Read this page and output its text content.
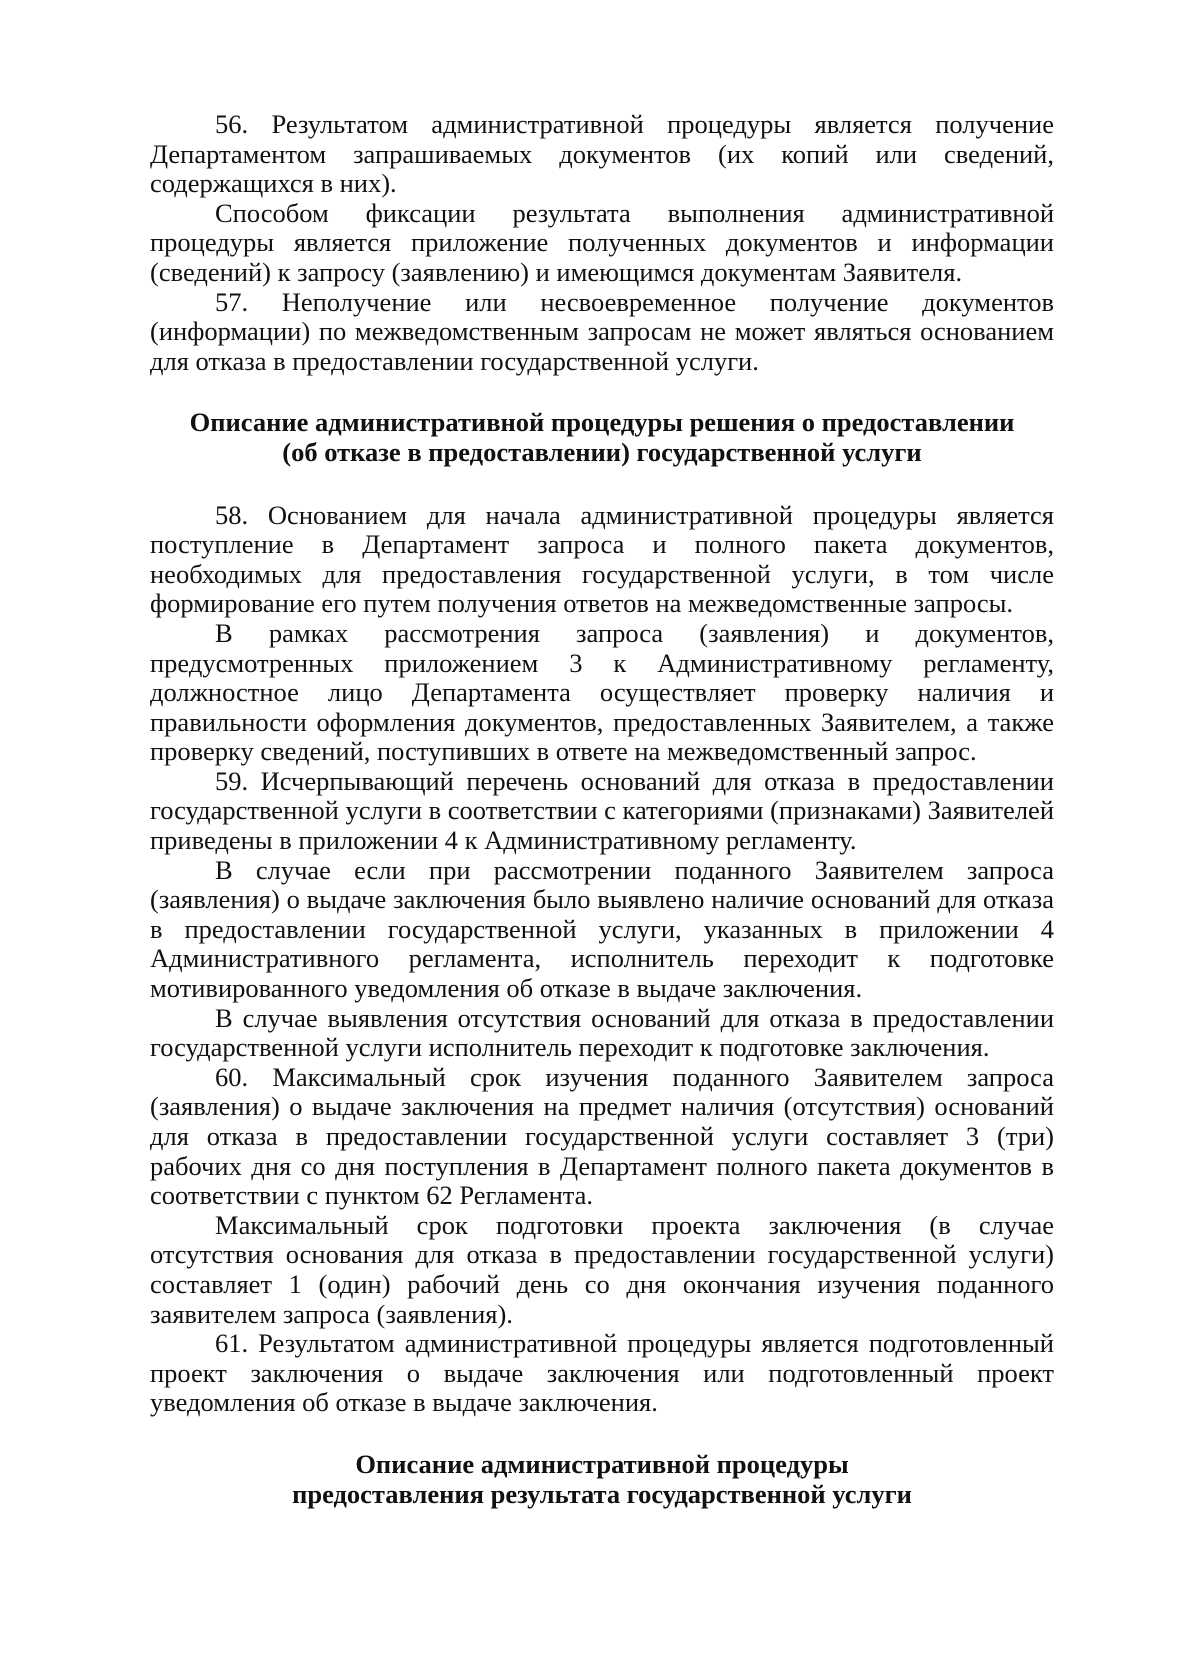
56. Результатом административной процедуры является получение Департаментом запрашиваемых документов (их копий или сведений, содержащихся в них).

Способом фиксации результата выполнения административной процедуры является приложение полученных документов и информации (сведений) к запросу (заявлению) и имеющимся документам Заявителя.

57. Неполучение или несвоевременное получение документов (информации) по межведомственным запросам не может являться основанием для отказа в предоставлении государственной услуги.

Описание административной процедуры решения о предоставлении
(об отказе в предоставлении) государственной услуги

58. Основанием для начала административной процедуры является поступление в Департамент запроса и полного пакета документов, необходимых для предоставления государственной услуги, в том числе формирование его путем получения ответов на межведомственные запросы.

В рамках рассмотрения запроса (заявления) и документов, предусмотренных приложением 3 к Административному регламенту, должностное лицо Департамента осуществляет проверку наличия и правильности оформления документов, предоставленных Заявителем, а также проверку сведений, поступивших в ответе на межведомственный запрос.

59. Исчерпывающий перечень оснований для отказа в предоставлении государственной услуги в соответствии с категориями (признаками) Заявителей приведены в приложении 4 к Административному регламенту.

В случае если при рассмотрении поданного Заявителем запроса (заявления) о выдаче заключения было выявлено наличие оснований для отказа в предоставлении государственной услуги, указанных в приложении 4 Административного регламента, исполнитель переходит к подготовке мотивированного уведомления об отказе в выдаче заключения.

В случае выявления отсутствия оснований для отказа в предоставлении государственной услуги исполнитель переходит к подготовке заключения.

60. Максимальный срок изучения поданного Заявителем запроса (заявления) о выдаче заключения на предмет наличия (отсутствия) оснований для отказа в предоставлении государственной услуги составляет 3 (три) рабочих дня со дня поступления в Департамент полного пакета документов в соответствии с пунктом 62 Регламента.

Максимальный срок подготовки проекта заключения (в случае отсутствия основания для отказа в предоставлении государственной услуги) составляет 1 (один) рабочий день со дня окончания изучения поданного заявителем запроса (заявления).

61. Результатом административной процедуры является подготовленный проект заключения о выдаче заключения или подготовленный проект уведомления об отказе в выдаче заключения.

Описание административной процедуры
предоставления результата государственной услуги
